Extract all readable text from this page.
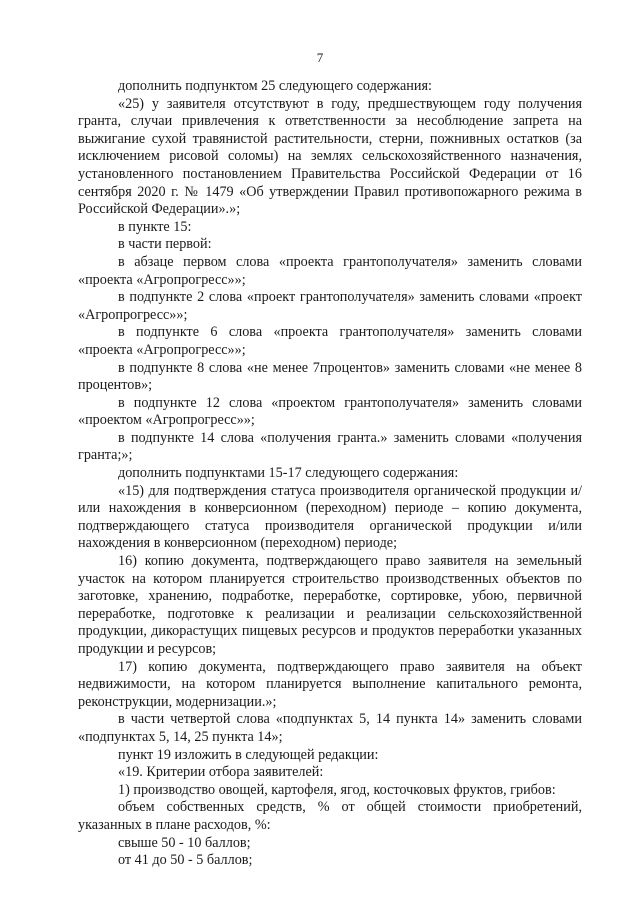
7

дополнить подпунктом 25 следующего содержания:

«25) у заявителя отсутствуют в году, предшествующем году получения гранта, случаи привлечения к ответственности за несоблюдение запрета на выжигание сухой травянистой растительности, стерни, пожнивных остатков (за исключением рисовой соломы) на землях сельскохозяйственного назначения, установленного постановлением Правительства Российской Федерации от 16 сентября 2020 г. № 1479 «Об утверждении Правил противопожарного режима в Российской Федерации».»;

в пункте 15:

в части первой:

в абзаце первом слова «проекта грантополучателя» заменить словами «проекта «Агропрогресс»»;

в подпункте 2 слова «проект грантополучателя» заменить словами «проект «Агропрогресс»»;

в подпункте 6 слова «проекта грантополучателя» заменить словами «проекта «Агропрогресс»»;

в подпункте 8 слова «не менее 7процентов» заменить словами «не менее 8 процентов»;

в подпункте 12 слова «проектом грантополучателя» заменить словами «проектом «Агропрогресс»»;

в подпункте 14 слова «получения гранта.» заменить словами «получения гранта;»;

дополнить подпунктами 15-17 следующего содержания:

«15) для подтверждения статуса производителя органической продукции и/или нахождения в конверсионном (переходном) периоде – копию документа, подтверждающего статуса производителя органической продукции и/или нахождения в конверсионном (переходном) периоде;

16) копию документа, подтверждающего право заявителя на земельный участок на котором планируется строительство производственных объектов по заготовке, хранению, подработке, переработке, сортировке, убою, первичной переработке, подготовке к реализации и реализации сельскохозяйственной продукции, дикорастущих пищевых ресурсов и продуктов переработки указанных продукции и ресурсов;

17) копию документа, подтверждающего право заявителя на объект недвижимости, на котором планируется выполнение капитального ремонта, реконструкции, модернизации.»;

в части четвертой слова «подпунктах 5, 14 пункта 14» заменить словами «подпунктах 5, 14, 25 пункта 14»;

пункт 19 изложить в следующей редакции:

«19. Критерии отбора заявителей:

1) производство овощей, картофеля, ягод, косточковых фруктов, грибов:

объем собственных средств, % от общей стоимости приобретений, указанных в плане расходов, %:

свыше 50 - 10 баллов;

от 41 до 50 - 5 баллов;
